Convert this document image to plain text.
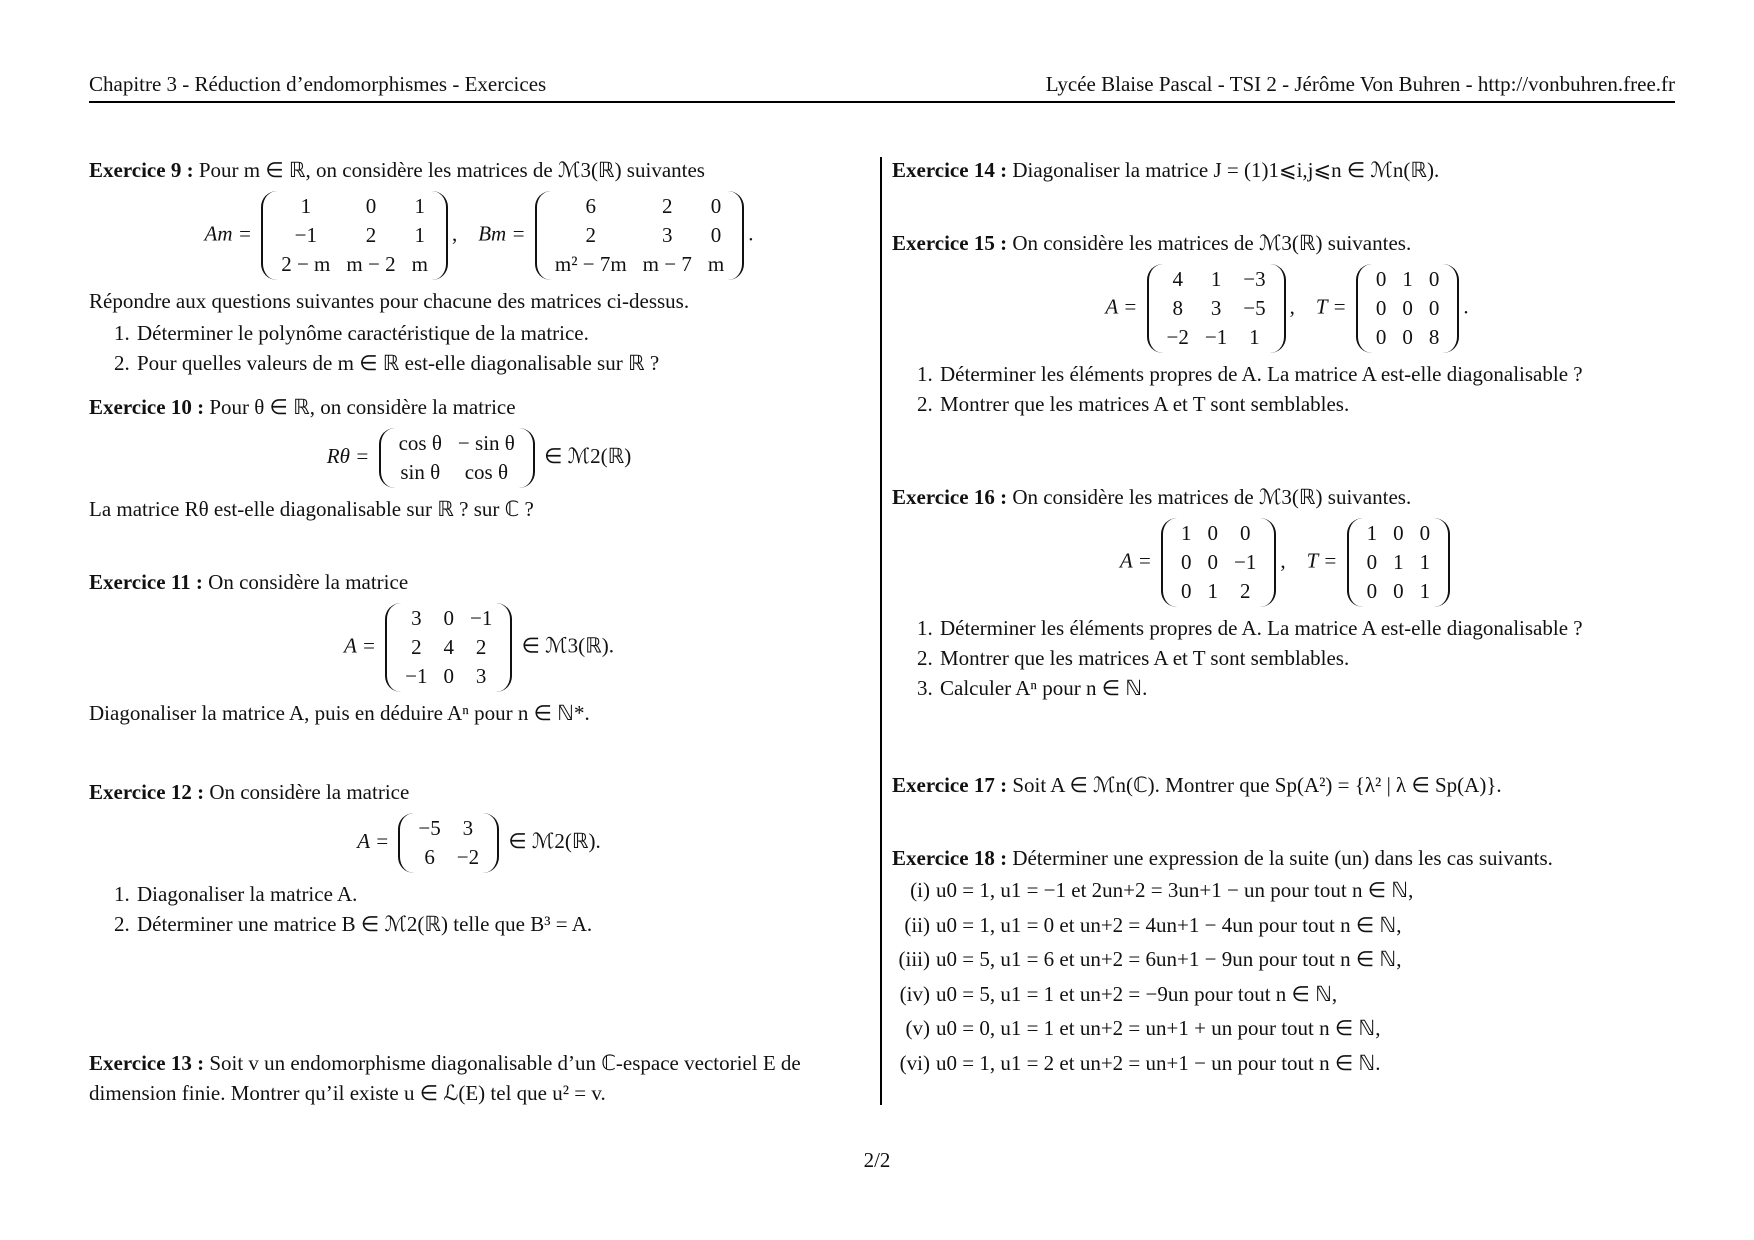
Chapitre 3 - Réduction d’endomorphismes - Exercices	Lycée Blaise Pascal - TSI 2 - Jérôme Von Buhren - http://vonbuhren.free.fr

Exercice 9 : Pour m ∈ ℝ, on considère les matrices de ℳ3(ℝ) suivantes

Am =
1	0	1
−1	2	1
2 − m	m − 2	m
,    Bm =
6	2	0
2	3	0
m² − 7m	m − 7	m
.

Répondre aux questions suivantes pour chacune des matrices ci-dessus.

1. Déterminer le polynôme caractéristique de la matrice.
2. Pour quelles valeurs de m ∈ ℝ est-elle diagonalisable sur ℝ ?

Exercice 10 : Pour θ ∈ ℝ, on considère la matrice

Rθ =
cos θ	− sin θ
sin θ	cos θ
∈ ℳ2(ℝ)

La matrice Rθ est-elle diagonalisable sur ℝ ? sur ℂ ?

Exercice 11 : On considère la matrice

A =
3	0	−1
2	4	2
−1	0	3
∈ ℳ3(ℝ).

Diagonaliser la matrice A, puis en déduire Aⁿ pour n ∈ ℕ*.

Exercice 12 : On considère la matrice

A =
−5	3
6	−2
∈ ℳ2(ℝ).
1. Diagonaliser la matrice A.
2. Déterminer une matrice B ∈ ℳ2(ℝ) telle que B³ = A.

Exercice 13 : Soit v un endomorphisme diagonalisable d’un ℂ-espace vectoriel E de dimension finie. Montrer qu’il existe u ∈ ℒ(E) tel que u² = v.

Exercice 14 : Diagonaliser la matrice J = (1)1⩽i,j⩽n ∈ ℳn(ℝ).

Exercice 15 : On considère les matrices de ℳ3(ℝ) suivantes.

A =
4	1	−3
8	3	−5
−2	−1	1
,    T =
0	1	0
0	0	0
0	0	8
.
1. Déterminer les éléments propres de A. La matrice A est-elle diagonalisable ?
2. Montrer que les matrices A et T sont semblables.

Exercice 16 : On considère les matrices de ℳ3(ℝ) suivantes.

A =
1	0	0
0	0	−1
0	1	2
,    T =
1	0	0
0	1	1
0	0	1
1. Déterminer les éléments propres de A. La matrice A est-elle diagonalisable ?
2. Montrer que les matrices A et T sont semblables.
3. Calculer Aⁿ pour n ∈ ℕ.

Exercice 17 : Soit A ∈ ℳn(ℂ). Montrer que Sp(A²) = {λ² | λ ∈ Sp(A)}.

Exercice 18 : Déterminer une expression de la suite (un) dans les cas suivants.

(i) u0 = 1, u1 = −1 et 2un+2 = 3un+1 − un pour tout n ∈ ℕ,
(ii) u0 = 1, u1 = 0 et un+2 = 4un+1 − 4un pour tout n ∈ ℕ,
(iii) u0 = 5, u1 = 6 et un+2 = 6un+1 − 9un pour tout n ∈ ℕ,
(iv) u0 = 5, u1 = 1 et un+2 = −9un pour tout n ∈ ℕ,
(v) u0 = 0, u1 = 1 et un+2 = un+1 + un pour tout n ∈ ℕ,
(vi) u0 = 1, u1 = 2 et un+2 = un+1 − un pour tout n ∈ ℕ.
2/2
